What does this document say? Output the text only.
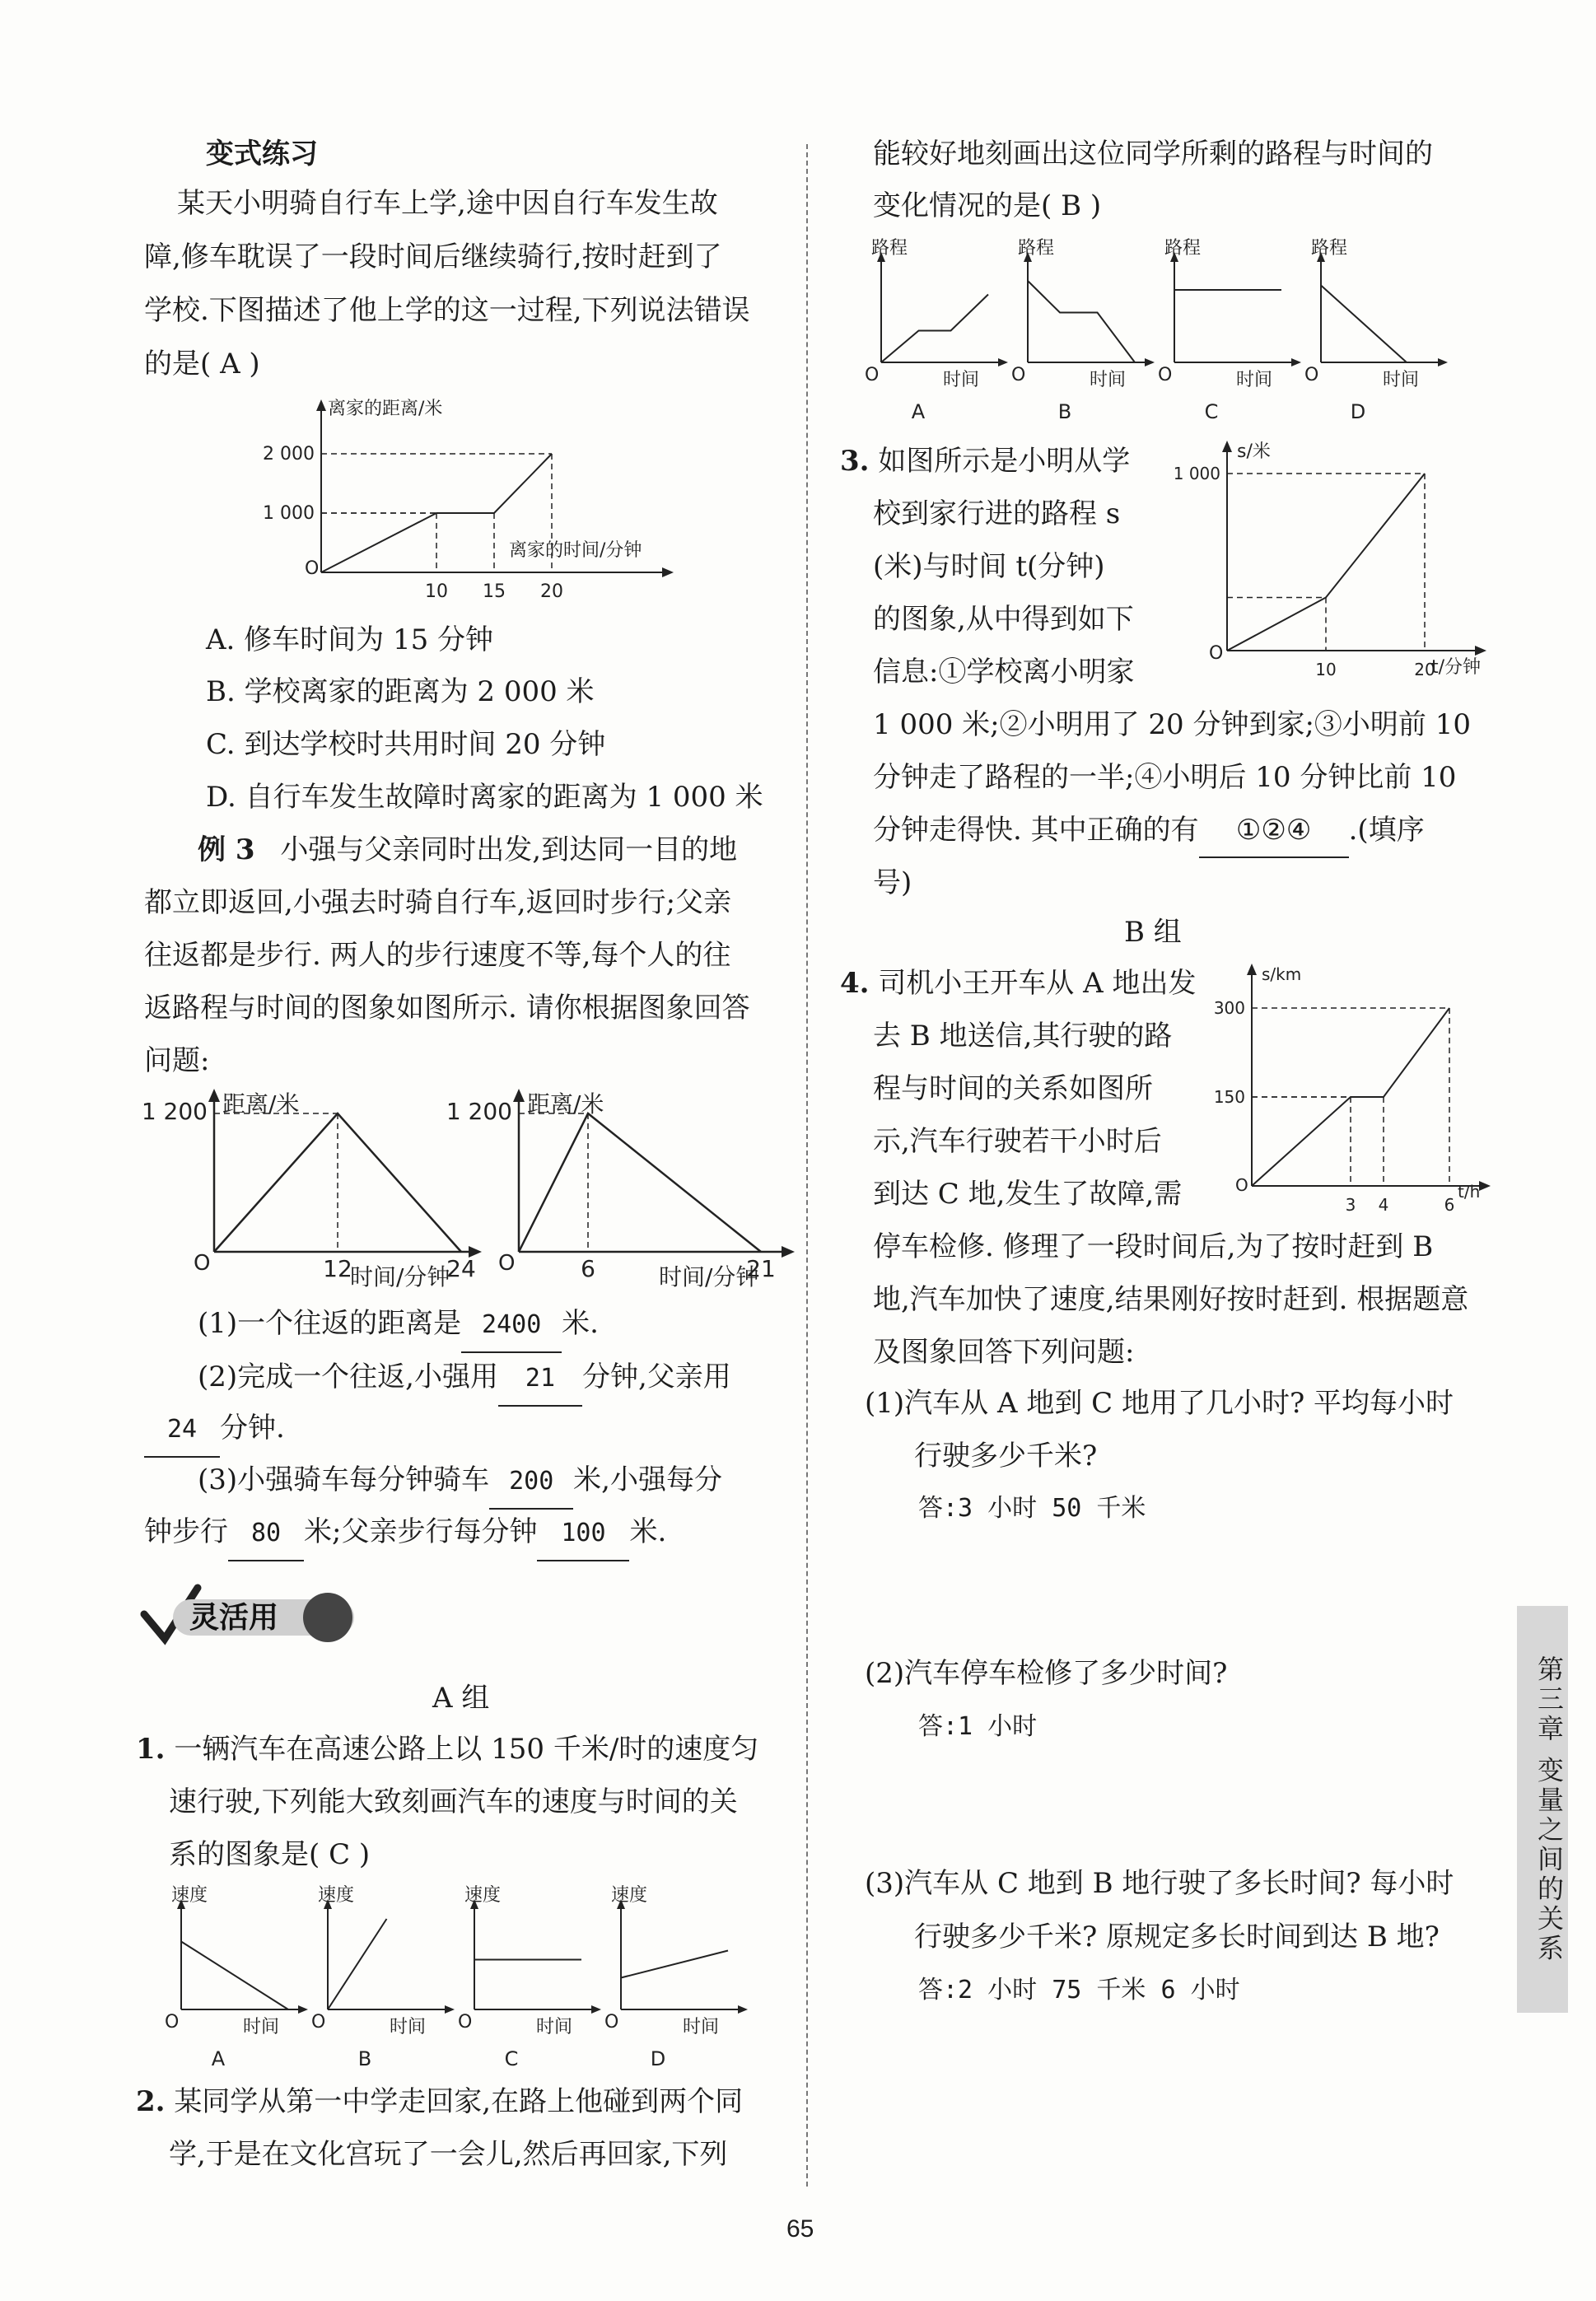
变式练习
某天小明骑自行车上学,途中因自行车发生故
障,修车耽误了一段时间后继续骑行,按时赶到了
学校.下图描述了他上学的这一过程,下列说法错误
的是( A )
离家的距离/米
离家的时间/分钟
O
10 15 20
1 000
2 000
A. 修车时间为 15 分钟
B. 学校离家的距离为 2 000 米
C. 到达学校时共用时间 20 分钟
D. 自行车发生故障时离家的距离为 1 000 米
例 3 小强与父亲同时出发,到达同一目的地
都立即返回,小强去时骑自行车,返回时步行;父亲
往返都是步行. 两人的步行速度不等,每个人的往
返路程与时间的图象如图所示. 请你根据图象回答
问题:
距离/米
时间/分钟
O	12	24
1 200	距离/米
时间/分钟
O	6	21
1 200
(1)一个往返的距离是 2400 米.
(2)完成一个往返,小强用 21 分钟,父亲用
24 分钟.
(3)小强骑车每分钟骑车 200 米,小强每分
钟步行 80 米;父亲步行每分钟 100 米.
灵活用
A 组
1. 一辆汽车在高速公路上以 150 千米/时的速度匀
速行驶,下列能大致刻画汽车的速度与时间的关
系的图象是( C )
速度
时间
O
A
速度
时间
O
B
速度
时间
O
C
速度
时间
O
D
2. 某同学从第一中学走回家,在路上他碰到两个同
学,于是在文化宫玩了一会儿,然后再回家,下列
能较好地刻画出这位同学所剩的路程与时间的
变化情况的是( B )
路程
时间
O
A
路程
时间
O
B
路程
时间
O
C
路程
时间
O
D
3. 如图所示是小明从学
校到家行进的路程 s
(米)与时间 t(分钟)
的图象,从中得到如下
信息:①学校离小明家
1 000 米;②小明用了 20 分钟到家;③小明前 10
分钟走了路程的一半;④小明后 10 分钟比前 10
分钟走得快. 其中正确的有 ①②④ .(填序
号)
s/米
t/分钟
O
10	20
1 000
B 组
4. 司机小王开车从 A 地出发
去 B 地送信,其行驶的路
程与时间的关系如图所
示,汽车行驶若干小时后
到达 C 地,发生了故障,需
停车检修. 修理了一段时间后,为了按时赶到 B
地,汽车加快了速度,结果刚好按时赶到. 根据题意
及图象回答下列问题:
s/km
t/h
O
3 4	6
150
300
(1)汽车从 A 地到 C 地用了几小时? 平均每小时
行驶多少千米?
答:3 小时 50 千米
(2)汽车停车检修了多少时间?
答:1 小时
(3)汽车从 C 地到 B 地行驶了多长时间? 每小时
行驶多少千米? 原规定多长时间到达 B 地?
答:2 小时 75 千米 6 小时
第三章 变量之间的关系
65
